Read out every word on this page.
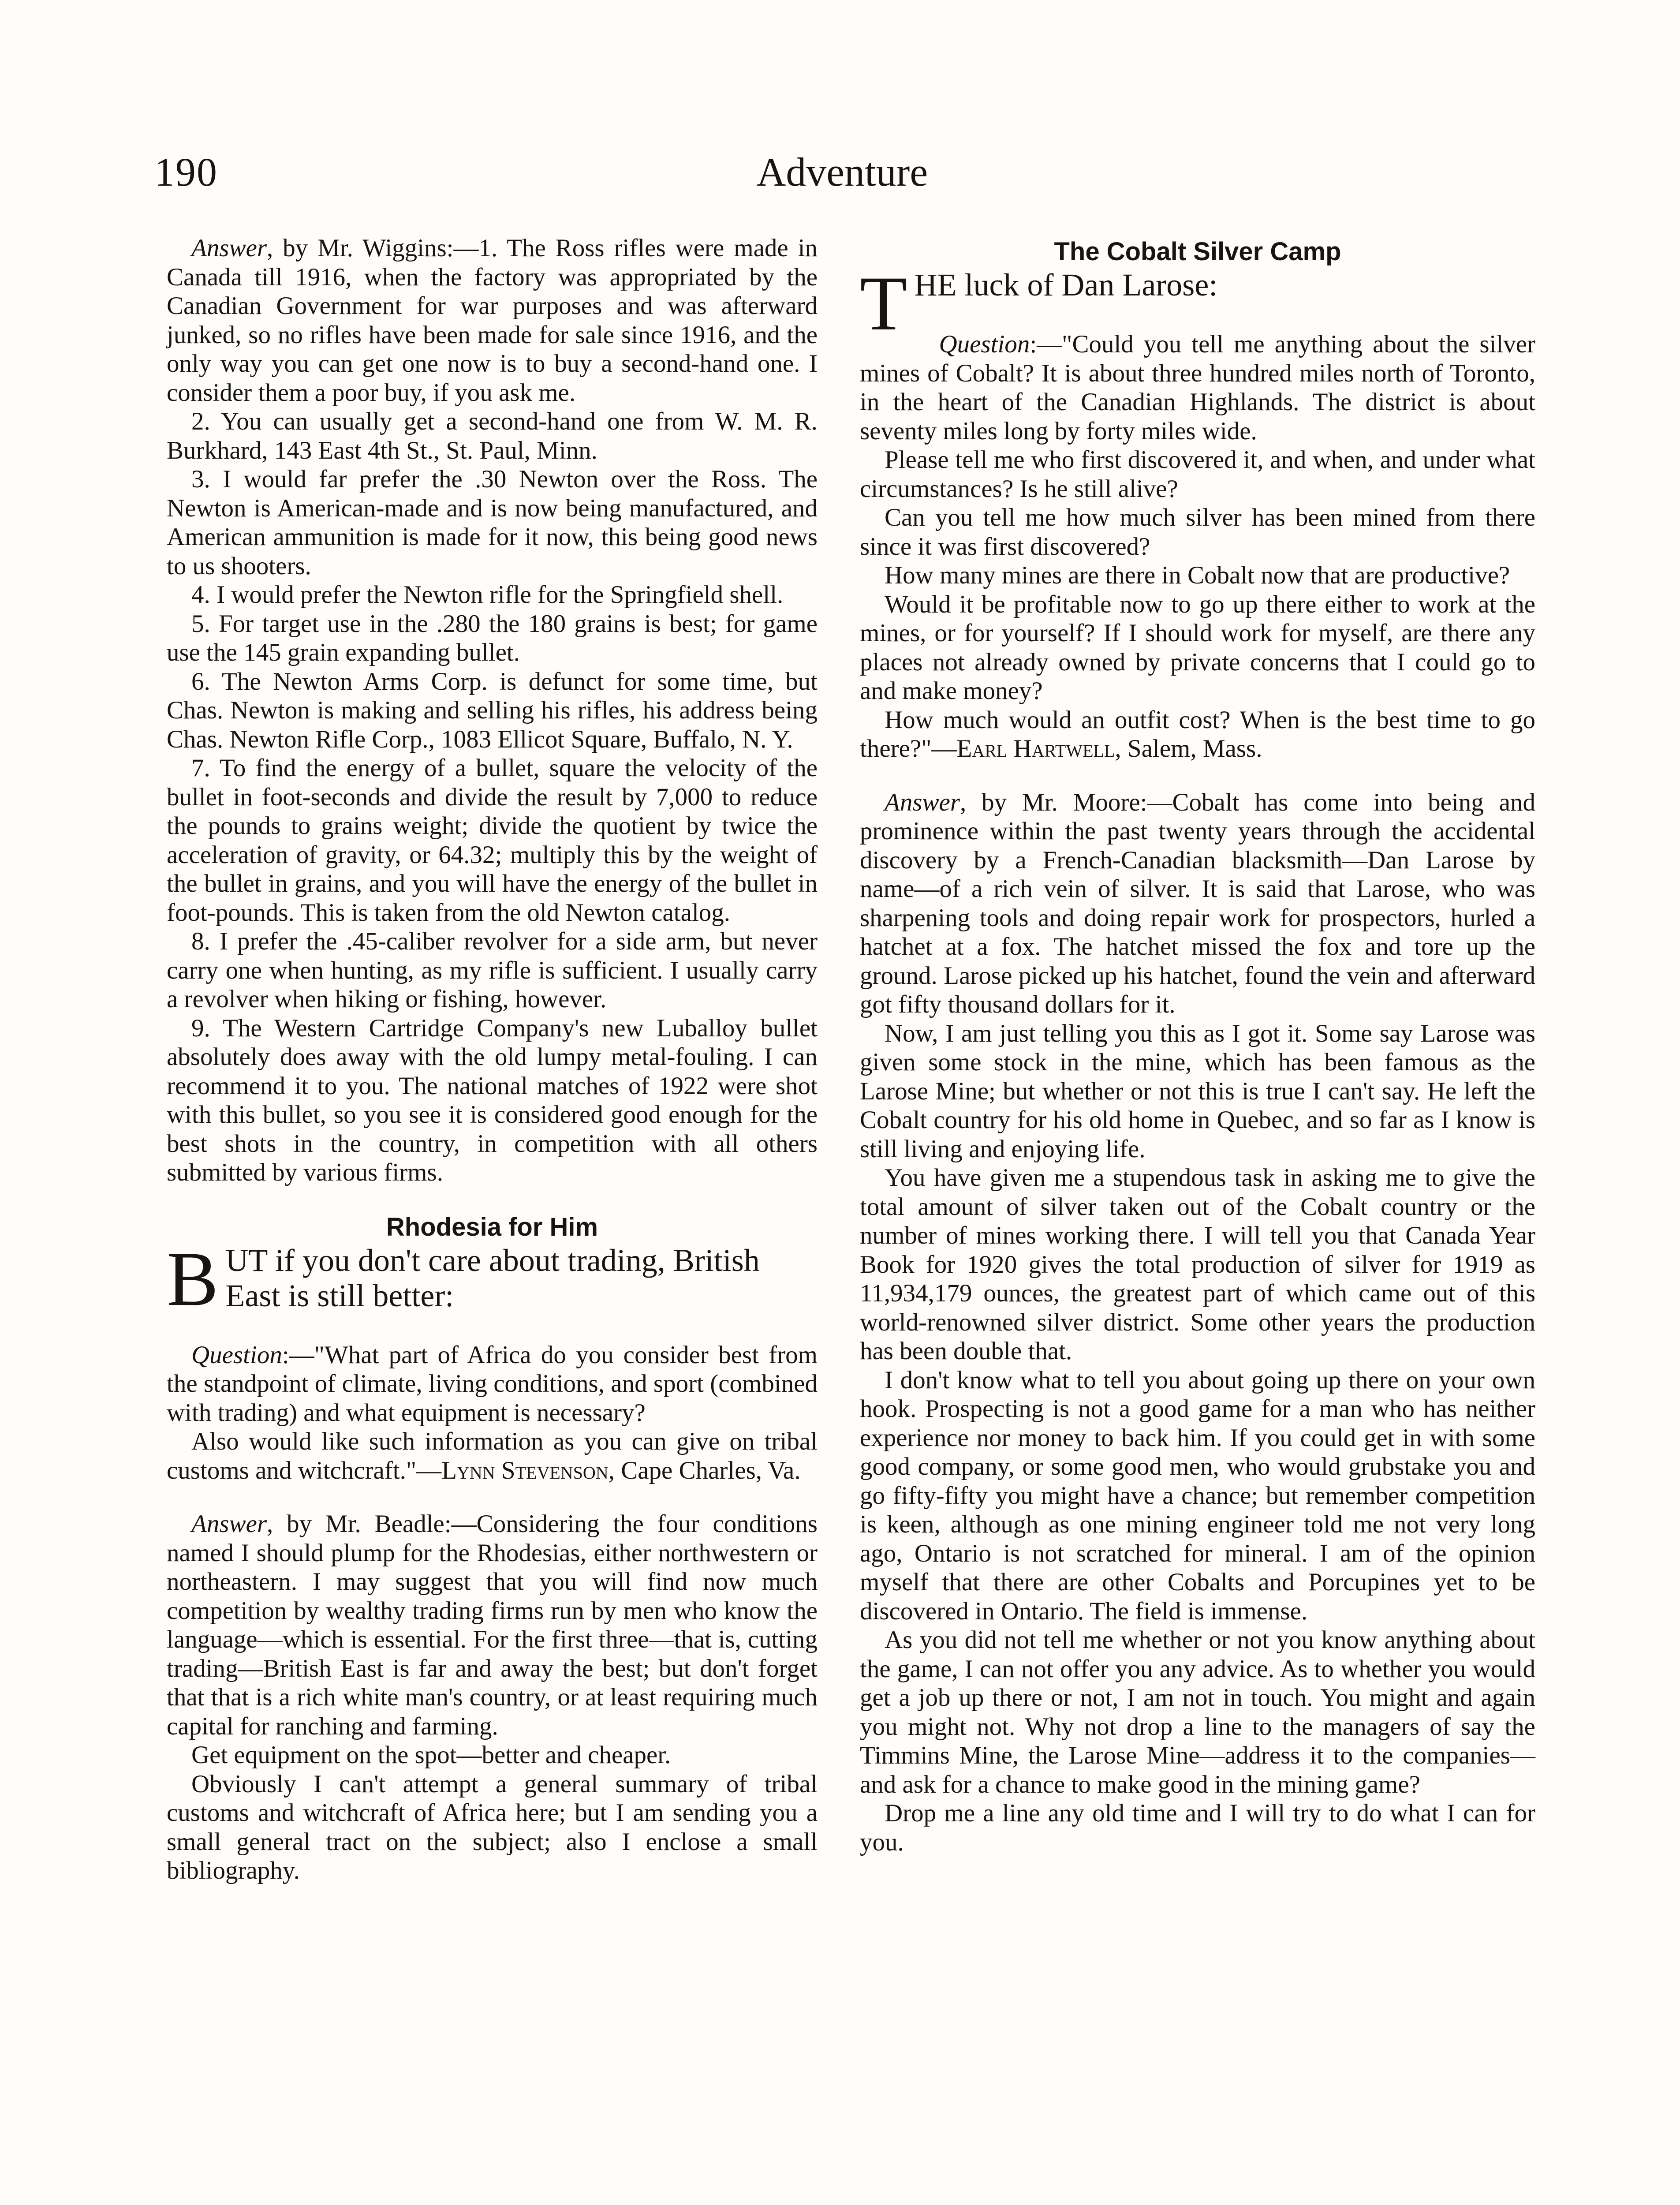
190	Adventure

Answer, by Mr. Wiggins:—1. The Ross rifles were made in Canada till 1916, when the factory was appropriated by the Canadian Government for war purposes and was afterward junked, so no rifles have been made for sale since 1916, and the only way you can get one now is to buy a second-hand one. I consider them a poor buy, if you ask me.

2. You can usually get a second-hand one from W. M. R. Burkhard, 143 East 4th St., St. Paul, Minn.

3. I would far prefer the .30 Newton over the Ross. The Newton is American-made and is now being manufactured, and American ammunition is made for it now, this being good news to us shooters.

4. I would prefer the Newton rifle for the Springfield shell.

5. For target use in the .280 the 180 grains is best; for game use the 145 grain expanding bullet.

6. The Newton Arms Corp. is defunct for some time, but Chas. Newton is making and selling his rifles, his address being Chas. Newton Rifle Corp., 1083 Ellicot Square, Buffalo, N. Y.

7. To find the energy of a bullet, square the velocity of the bullet in foot-seconds and divide the result by 7,000 to reduce the pounds to grains weight; divide the quotient by twice the acceleration of gravity, or 64.32; multiply this by the weight of the bullet in grains, and you will have the energy of the bullet in foot-pounds. This is taken from the old Newton catalog.

8. I prefer the .45-caliber revolver for a side arm, but never carry one when hunting, as my rifle is sufficient. I usually carry a revolver when hiking or fishing, however.

9. The Western Cartridge Company's new Luballoy bullet absolutely does away with the old lumpy metal-fouling. I can recommend it to you. The national matches of 1922 were shot with this bullet, so you see it is considered good enough for the best shots in the country, in competition with all others submitted by various firms.

Rhodesia for Him

BUT if you don't care about trading, British East is still better:

Question:—"What part of Africa do you consider best from the standpoint of climate, living conditions, and sport (combined with trading) and what equipment is necessary?

Also would like such information as you can give on tribal customs and witchcraft."—Lynn Stevenson, Cape Charles, Va.

Answer, by Mr. Beadle:—Considering the four conditions named I should plump for the Rhodesias, either northwestern or northeastern. I may suggest that you will find now much competition by wealthy trading firms run by men who know the language—which is essential. For the first three—that is, cutting trading—British East is far and away the best; but don't forget that that is a rich white man's country, or at least requiring much capital for ranching and farming.

Get equipment on the spot—better and cheaper.

Obviously I can't attempt a general summary of tribal customs and witchcraft of Africa here; but I am sending you a small general tract on the subject; also I enclose a small bibliography.

The Cobalt Silver Camp

THE luck of Dan Larose:

Question:—"Could you tell me anything about the silver mines of Cobalt? It is about three hundred miles north of Toronto, in the heart of the Canadian Highlands. The district is about seventy miles long by forty miles wide.

Please tell me who first discovered it, and when, and under what circumstances? Is he still alive?

Can you tell me how much silver has been mined from there since it was first discovered?

How many mines are there in Cobalt now that are productive?

Would it be profitable now to go up there either to work at the mines, or for yourself? If I should work for myself, are there any places not already owned by private concerns that I could go to and make money?

How much would an outfit cost? When is the best time to go there?"—Earl Hartwell, Salem, Mass.

Answer, by Mr. Moore:—Cobalt has come into being and prominence within the past twenty years through the accidental discovery by a French-Canadian blacksmith—Dan Larose by name—of a rich vein of silver. It is said that Larose, who was sharpening tools and doing repair work for prospectors, hurled a hatchet at a fox. The hatchet missed the fox and tore up the ground. Larose picked up his hatchet, found the vein and afterward got fifty thousand dollars for it.

Now, I am just telling you this as I got it. Some say Larose was given some stock in the mine, which has been famous as the Larose Mine; but whether or not this is true I can't say. He left the Cobalt country for his old home in Quebec, and so far as I know is still living and enjoying life.

You have given me a stupendous task in asking me to give the total amount of silver taken out of the Cobalt country or the number of mines working there. I will tell you that Canada Year Book for 1920 gives the total production of silver for 1919 as 11,934,179 ounces, the greatest part of which came out of this world-renowned silver district. Some other years the production has been double that.

I don't know what to tell you about going up there on your own hook. Prospecting is not a good game for a man who has neither experience nor money to back him. If you could get in with some good company, or some good men, who would grubstake you and go fifty-fifty you might have a chance; but remember competition is keen, although as one mining engineer told me not very long ago, Ontario is not scratched for mineral. I am of the opinion myself that there are other Cobalts and Porcupines yet to be discovered in Ontario. The field is immense.

As you did not tell me whether or not you know anything about the game, I can not offer you any advice. As to whether you would get a job up there or not, I am not in touch. You might and again you might not. Why not drop a line to the managers of say the Timmins Mine, the Larose Mine—address it to the companies—and ask for a chance to make good in the mining game?

Drop me a line any old time and I will try to do what I can for you.
